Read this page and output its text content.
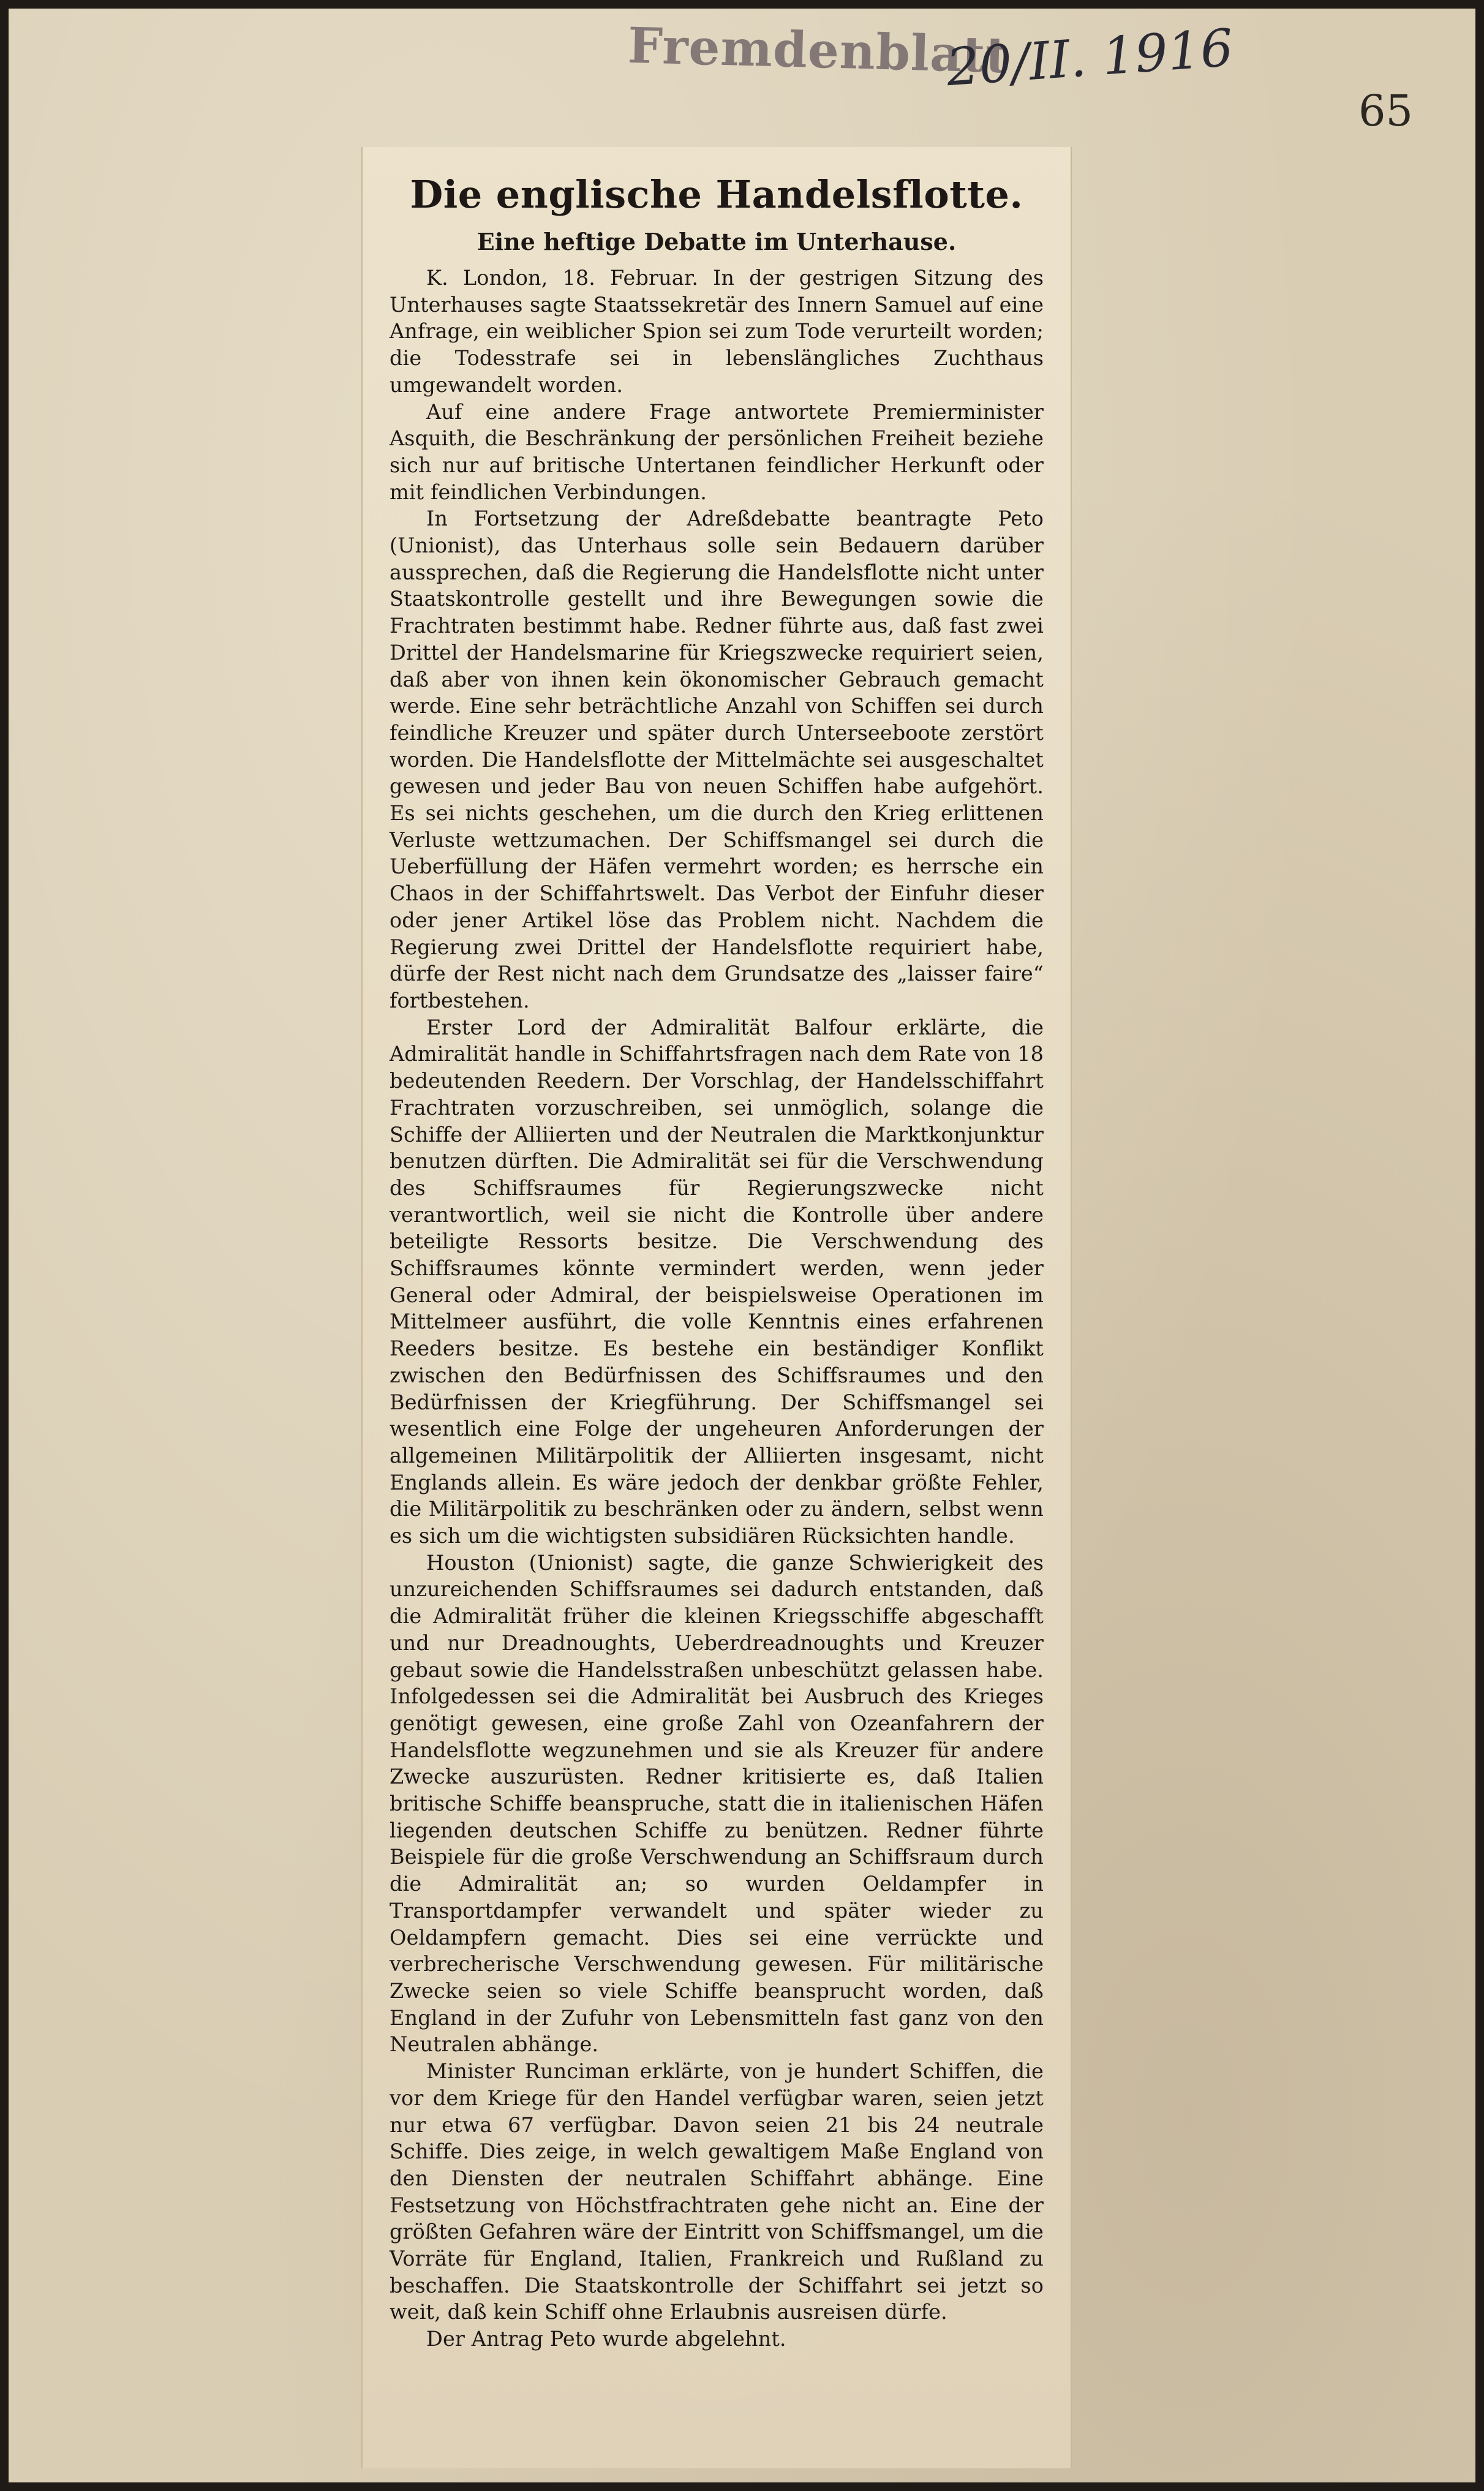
Fremdenblatt
20/II. 1916
65
Die englische Handelsflotte.
Eine heftige Debatte im Unterhause.

K. London, 18. Februar. In der gestrigen Sitzung des Unterhauses sagte Staatssekretär des Innern Samuel auf eine Anfrage, ein weiblicher Spion sei zum Tode verurteilt worden; die Todesstrafe sei in lebenslängliches Zuchthaus umgewandelt worden.

Auf eine andere Frage antwortete Premierminister Asquith, die Beschränkung der persönlichen Freiheit beziehe sich nur auf britische Untertanen feindlicher Herkunft oder mit feindlichen Verbindungen.

In Fortsetzung der Adreßdebatte beantragte Peto (Unionist), das Unterhaus solle sein Bedauern darüber aussprechen, daß die Regierung die Handelsflotte nicht unter Staatskontrolle gestellt und ihre Bewegungen sowie die Frachtraten bestimmt habe. Redner führte aus, daß fast zwei Drittel der Handelsmarine für Kriegszwecke requiriert seien, daß aber von ihnen kein ökonomischer Gebrauch gemacht werde. Eine sehr beträchtliche Anzahl von Schiffen sei durch feindliche Kreuzer und später durch Unterseeboote zerstört worden. Die Handelsflotte der Mittelmächte sei ausgeschaltet gewesen und jeder Bau von neuen Schiffen habe aufgehört. Es sei nichts geschehen, um die durch den Krieg erlittenen Verluste wettzumachen. Der Schiffsmangel sei durch die Ueberfüllung der Häfen vermehrt worden; es herrsche ein Chaos in der Schiffahrtswelt. Das Verbot der Einfuhr dieser oder jener Artikel löse das Problem nicht. Nachdem die Regierung zwei Drittel der Handelsflotte requiriert habe, dürfe der Rest nicht nach dem Grundsatze des „laisser faire“ fortbestehen.

Erster Lord der Admiralität Balfour erklärte, die Admiralität handle in Schiffahrtsfragen nach dem Rate von 18 bedeutenden Reedern. Der Vorschlag, der Handelsschiffahrt Frachtraten vorzuschreiben, sei unmöglich, solange die Schiffe der Alliierten und der Neutralen die Marktkonjunktur benutzen dürften. Die Admiralität sei für die Verschwendung des Schiffsraumes für Regierungszwecke nicht verantwortlich, weil sie nicht die Kontrolle über andere beteiligte Ressorts besitze. Die Verschwendung des Schiffsraumes könnte vermindert werden, wenn jeder General oder Admiral, der beispielsweise Operationen im Mittelmeer ausführt, die volle Kenntnis eines erfahrenen Reeders besitze. Es bestehe ein beständiger Konflikt zwischen den Bedürfnissen des Schiffsraumes und den Bedürfnissen der Kriegführung. Der Schiffsmangel sei wesentlich eine Folge der ungeheuren Anforderungen der allgemeinen Militärpolitik der Alliierten insgesamt, nicht Englands allein. Es wäre jedoch der denkbar größte Fehler, die Militärpolitik zu beschränken oder zu ändern, selbst wenn es sich um die wichtigsten subsidiären Rücksichten handle.

Houston (Unionist) sagte, die ganze Schwierigkeit des unzureichenden Schiffsraumes sei dadurch entstanden, daß die Admiralität früher die kleinen Kriegsschiffe abgeschafft und nur Dreadnoughts, Ueberdreadnoughts und Kreuzer gebaut sowie die Handelsstraßen unbeschützt gelassen habe. Infolgedessen sei die Admiralität bei Ausbruch des Krieges genötigt gewesen, eine große Zahl von Ozeanfahrern der Handelsflotte wegzunehmen und sie als Kreuzer für andere Zwecke auszurüsten. Redner kritisierte es, daß Italien britische Schiffe beanspruche, statt die in italienischen Häfen liegenden deutschen Schiffe zu benützen. Redner führte Beispiele für die große Verschwendung an Schiffsraum durch die Admiralität an; so wurden Oeldampfer in Transportdampfer verwandelt und später wieder zu Oeldampfern gemacht. Dies sei eine verrückte und verbrecherische Verschwendung gewesen. Für militärische Zwecke seien so viele Schiffe beansprucht worden, daß England in der Zufuhr von Lebensmitteln fast ganz von den Neutralen abhänge.

Minister Runciman erklärte, von je hundert Schiffen, die vor dem Kriege für den Handel verfügbar waren, seien jetzt nur etwa 67 verfügbar. Davon seien 21 bis 24 neutrale Schiffe. Dies zeige, in welch gewaltigem Maße England von den Diensten der neutralen Schiffahrt abhänge. Eine Festsetzung von Höchstfrachtraten gehe nicht an. Eine der größten Gefahren wäre der Eintritt von Schiffsmangel, um die Vorräte für England, Italien, Frankreich und Rußland zu beschaffen. Die Staatskontrolle der Schiffahrt sei jetzt so weit, daß kein Schiff ohne Erlaubnis ausreisen dürfe.

Der Antrag Peto wurde abgelehnt.
